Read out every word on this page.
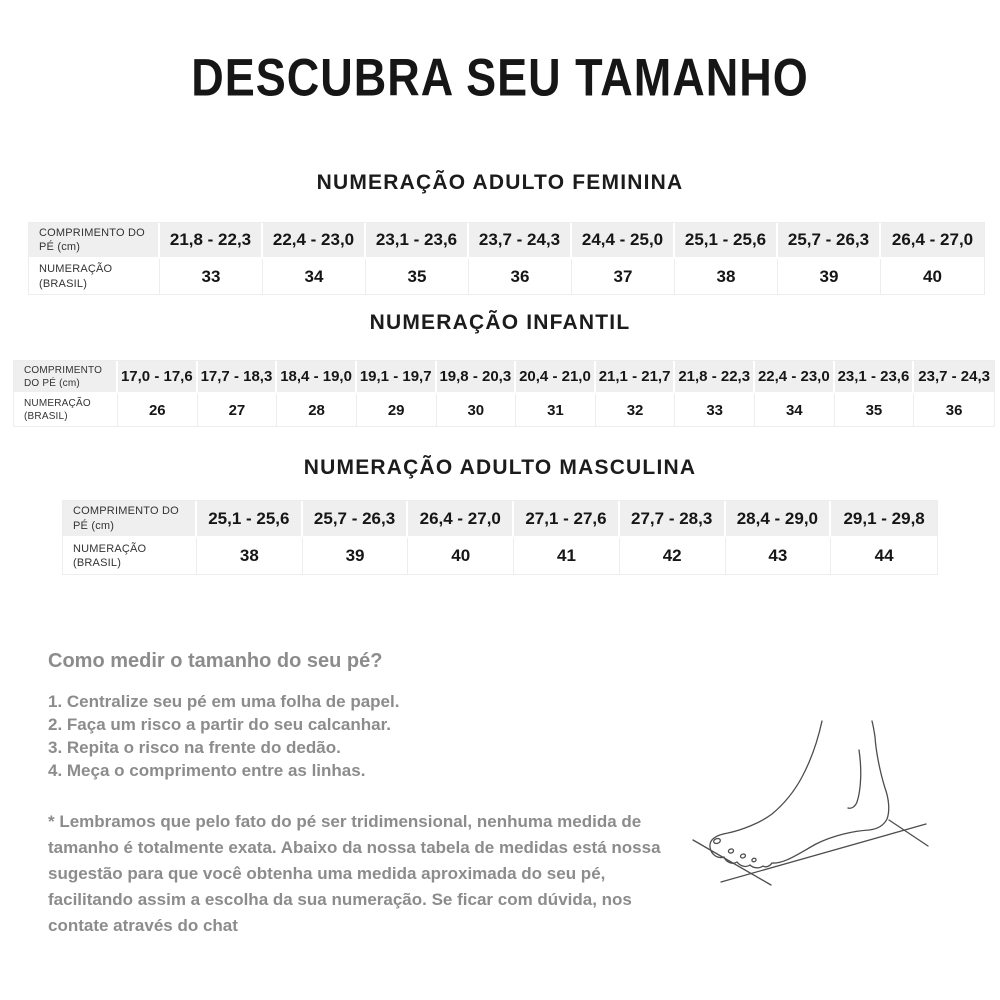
DESCUBRA SEU TAMANHO
NUMERAÇÃO ADULTO FEMININA
COMPRIMENTO DO PÉ (cm)	21,8 - 22,3	22,4 - 23,0	23,1 - 23,6	23,7 - 24,3	24,4 - 25,0	25,1 - 25,6	25,7 - 26,3	26,4 - 27,0
NUMERAÇÃO (BRASIL)	33	34	35	36	37	38	39	40
NUMERAÇÃO INFANTIL
COMPRIMENTO DO PÉ (cm)	17,0 - 17,6	17,7 - 18,3	18,4 - 19,0	19,1 - 19,7	19,8 - 20,3	20,4 - 21,0	21,1 - 21,7	21,8 - 22,3	22,4 - 23,0	23,1 - 23,6	23,7 - 24,3
NUMERAÇÃO (BRASIL)	26	27	28	29	30	31	32	33	34	35	36
NUMERAÇÃO ADULTO MASCULINA
COMPRIMENTO DO PÉ (cm)	25,1 - 25,6	25,7 - 26,3	26,4 - 27,0	27,1 - 27,6	27,7 - 28,3	28,4 - 29,0	29,1 - 29,8
NUMERAÇÃO (BRASIL)	38	39	40	41	42	43	44
Como medir o tamanho do seu pé?
1. Centralize seu pé em uma folha de papel.
2. Faça um risco a partir do seu calcanhar.
3. Repita o risco na frente do dedão.
4. Meça o comprimento entre as linhas.
* Lembramos que pelo fato do pé ser tridimensional, nenhuma medida de tamanho é totalmente exata. Abaixo da nossa tabela de medidas está nossa sugestão para que você obtenha uma medida aproximada do seu pé, facilitando assim a escolha da sua numeração. Se ficar com dúvida, nos contate através do chat
